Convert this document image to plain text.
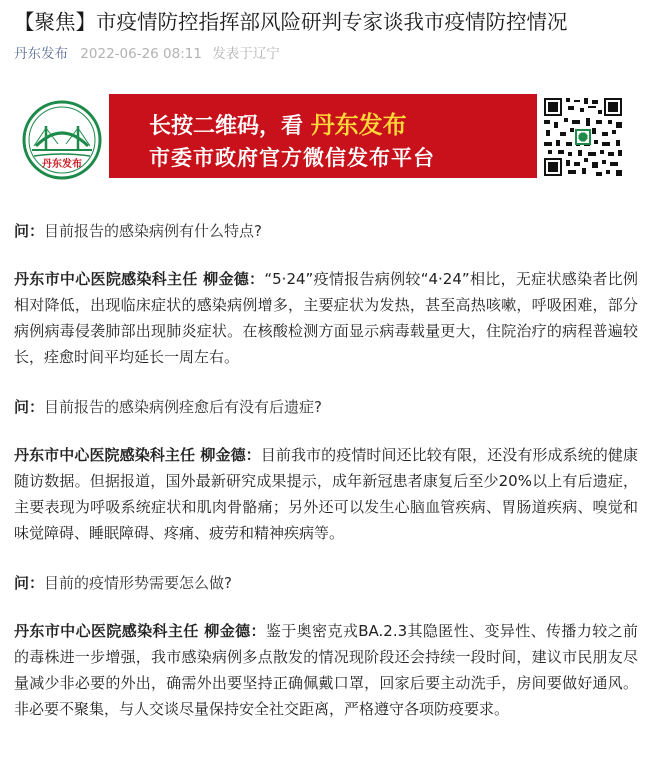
【聚焦】市疫情防控指挥部风险研判专家谈我市疫情防控情况
丹东发布 2022-06-26 08:11 发表于辽宁
丹东发布
长按二维码，看 丹东发布
市委市政府官方微信发布平台

问：目前报告的感染病例有什么特点?

丹东市中心医院感染科主任 柳金德：“5·24”疫情报告病例较“4·24”相比，无症状感染者比例相对降低，出现临床症状的感染病例增多，主要症状为发热，甚至高热咳嗽，呼吸困难，部分病例病毒侵袭肺部出现肺炎症状。在核酸检测方面显示病毒载量更大，住院治疗的病程普遍较长，痊愈时间平均延长一周左右。

问：目前报告的感染病例痊愈后有没有后遗症?

丹东市中心医院感染科主任 柳金德：目前我市的疫情时间还比较有限，还没有形成系统的健康随访数据。但据报道，国外最新研究成果提示，成年新冠患者康复后至少20%以上有后遗症，主要表现为呼吸系统症状和肌肉骨骼痛；另外还可以发生心脑血管疾病、胃肠道疾病、嗅觉和味觉障碍、睡眠障碍、疼痛、疲劳和精神疾病等。

问：目前的疫情形势需要怎么做?

丹东市中心医院感染科主任 柳金德：鉴于奥密克戎BA.2.3其隐匿性、变异性、传播力较之前的毒株进一步增强，我市感染病例多点散发的情况现阶段还会持续一段时间，建议市民朋友尽量减少非必要的外出，确需外出要坚持正确佩戴口罩，回家后要主动洗手，房间要做好通风。非必要不聚集，与人交谈尽量保持安全社交距离，严格遵守各项防疫要求。
